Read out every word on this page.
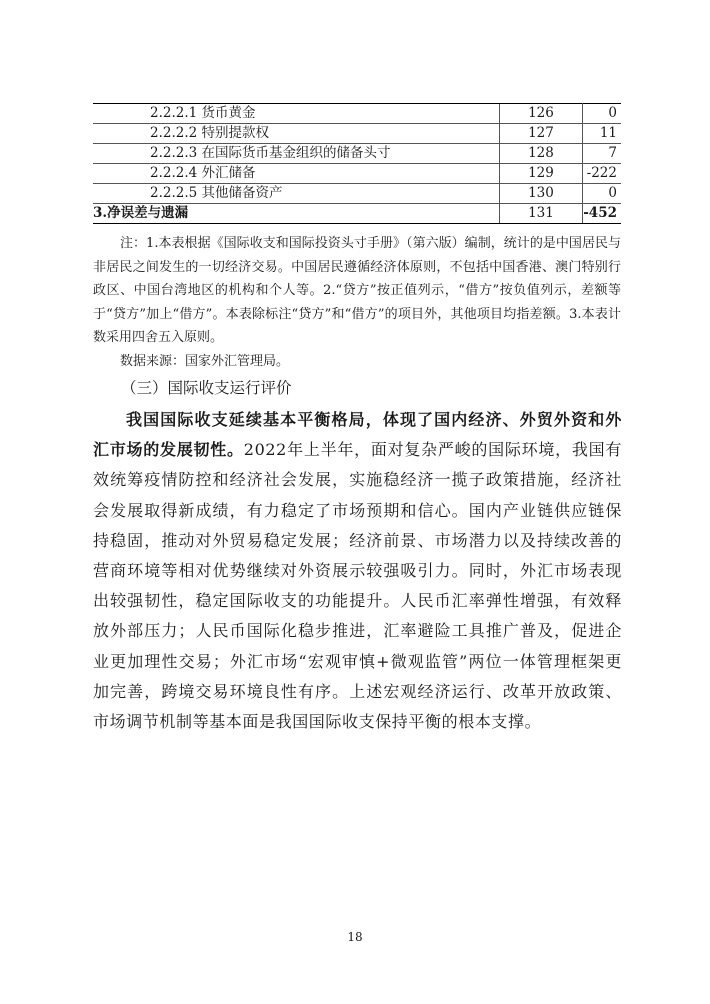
2.2.2.1 货币黄金	126	0
2.2.2.2 特别提款权	127	11
2.2.2.3 在国际货币基金组织的储备头寸	128	7
2.2.2.4 外汇储备	129	-222
2.2.2.5 其他储备资产	130	0
3.净误差与遗漏	131	-452

注：1.本表根据《国际收支和国际投资头寸手册》（第六版）编制，统计的是中国居民与非居民之间发生的一切经济交易。中国居民遵循经济体原则，不包括中国香港、澳门特别行政区、中国台湾地区的机构和个人等。2.“贷方”按正值列示，“借方”按负值列示，差额等于“贷方”加上“借方”。本表除标注“贷方”和“借方”的项目外，其他项目均指差额。3.本表计数采用四舍五入原则。

数据来源：国家外汇管理局。

（三）国际收支运行评价

我国国际收支延续基本平衡格局，体现了国内经济、外贸外资和外汇市场的发展韧性。2022年上半年，面对复杂严峻的国际环境，我国有效统筹疫情防控和经济社会发展，实施稳经济一揽子政策措施，经济社会发展取得新成绩，有力稳定了市场预期和信心。国内产业链供应链保持稳固，推动对外贸易稳定发展；经济前景、市场潜力以及持续改善的营商环境等相对优势继续对外资展示较强吸引力。同时，外汇市场表现出较强韧性，稳定国际收支的功能提升。人民币汇率弹性增强，有效释放外部压力；人民币国际化稳步推进，汇率避险工具推广普及，促进企业更加理性交易；外汇市场“宏观审慎+微观监管”两位一体管理框架更加完善，跨境交易环境良性有序。上述宏观经济运行、改革开放政策、市场调节机制等基本面是我国国际收支保持平衡的根本支撑。

18
